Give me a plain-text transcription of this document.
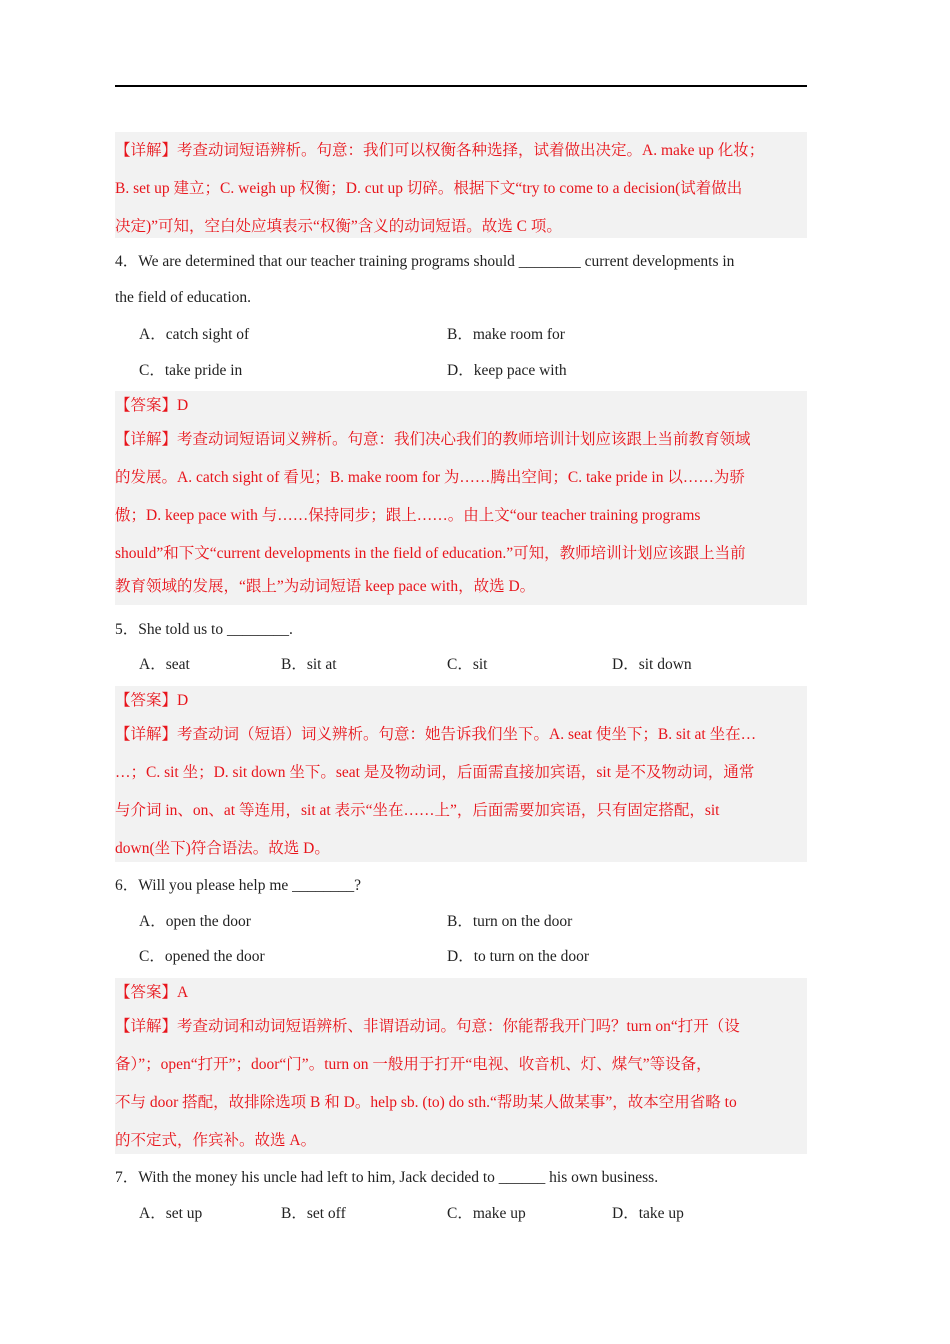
【详解】考查动词短语辨析。句意：我们可以权衡各种选择，试着做出决定。A. make up 化妆；

B. set up 建立；C. weigh up 权衡；D. cut up 切碎。根据下文“try to come to a decision(试着做出

决定)”可知，空白处应填表示“权衡”含义的动词短语。故选 C 项。

4．We are determined that our teacher training programs should ________ current developments in

the field of education.

A．catch sight of	B．make room for
C．take pride in	D．keep pace with

【答案】D

【详解】考查动词短语词义辨析。句意：我们决心我们的教师培训计划应该跟上当前教育领域

的发展。A. catch sight of 看见；B. make room for 为……腾出空间；C. take pride in 以……为骄

傲；D. keep pace with 与……保持同步；跟上……。由上文“our teacher training programs

should”和下文“current developments in the field of education.”可知，教师培训计划应该跟上当前

教育领域的发展，“跟上”为动词短语 keep pace with，故选 D。

5．She told us to ________.

A．seat	B．sit at	C．sit	D．sit down

【答案】D

【详解】考查动词（短语）词义辨析。句意：她告诉我们坐下。A. seat 使坐下；B. sit at 坐在…

…；C. sit 坐；D. sit down 坐下。seat 是及物动词，后面需直接加宾语，sit 是不及物动词，通常

与介词 in、on、at 等连用，sit at 表示“坐在……上”，后面需要加宾语，只有固定搭配，sit

down(坐下)符合语法。故选 D。

6．Will you please help me ________?

A．open the door	B．turn on the door
C．opened the door	D．to turn on the door

【答案】A

【详解】考查动词和动词短语辨析、非谓语动词。句意：你能帮我开门吗？turn on“打开（设

备）”；open“打开”；door“门”。turn on 一般用于打开“电视、收音机、灯、煤气”等设备，

不与 door 搭配，故排除选项 B 和 D。help sb. (to) do sth.“帮助某人做某事”，故本空用省略 to

的不定式，作宾补。故选 A。

7．With the money his uncle had left to him, Jack decided to ______ his own business.

A．set up	B．set off	C．make up	D．take up
